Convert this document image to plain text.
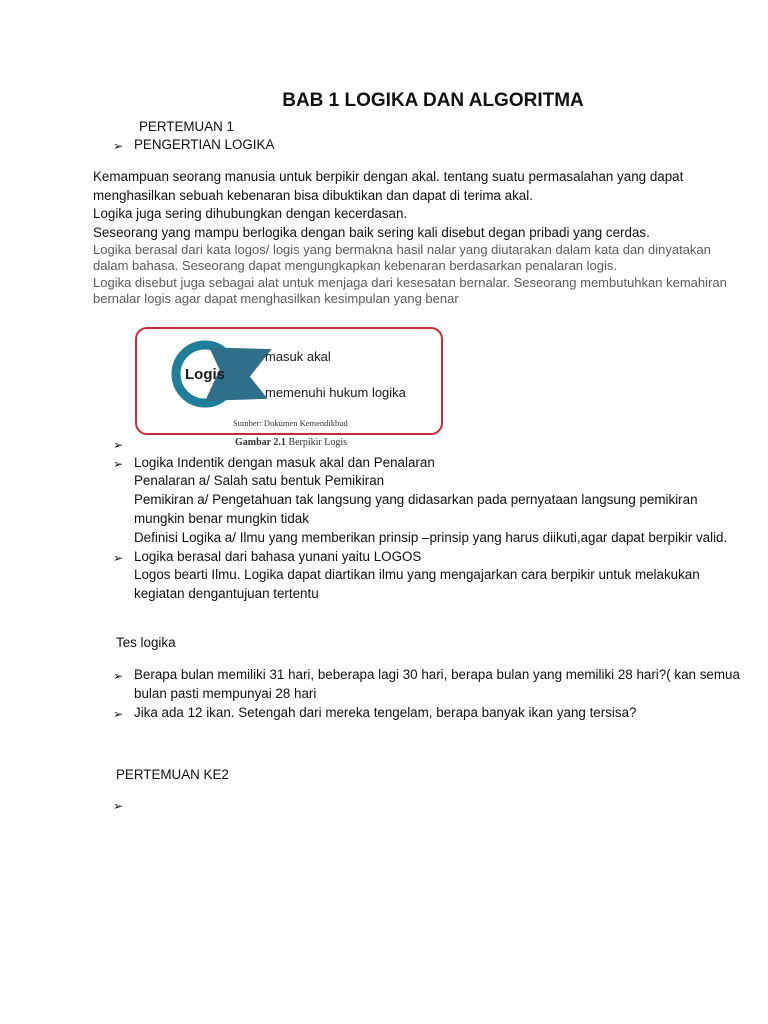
BAB 1 LOGIKA DAN ALGORITMA
PERTEMUAN 1
➢ PENGERTIAN LOGIKA
Kemampuan seorang manusia untuk berpikir dengan akal. tentang suatu permasalahan yang dapat
menghasilkan sebuah kebenaran bisa dibuktikan dan dapat di terima akal.
Logika juga sering dihubungkan dengan kecerdasan.
Seseorang yang mampu berlogika dengan baik sering kali disebut degan pribadi yang cerdas.
Logika berasal dari kata logos/ logis yang bermakna hasil nalar yang diutarakan dalam kata dan dinyatakan
dalam bahasa. Seseorang dapat mengungkapkan kebenaran berdasarkan penalaran logis.
Logika disebut juga sebagai alat untuk menjaga dari kesesatan bernalar. Seseorang membutuhkan kemahiran
bernalar logis agar dapat menghasilkan kesimpulan yang benar
Logis
masuk akal
memenuhi hukum logika
Sumber: Dokumen Kemendikbud
➢	Gambar 2.1 Berpikir Logis
➢ Logika Indentik dengan masuk akal dan Penalaran
Penalaran a/ Salah satu bentuk Pemikiran
Pemikiran a/ Pengetahuan tak langsung yang didasarkan pada pernyataan langsung pemikiran
mungkin benar mungkin tidak
Definisi Logika a/ Ilmu yang memberikan prinsip –prinsip yang harus diikuti,agar dapat berpikir valid.
➢ Logika berasal dari bahasa yunani yaitu LOGOS
Logos bearti Ilmu. Logika dapat diartikan ilmu yang mengajarkan cara berpikir untuk melakukan
kegiatan dengantujuan tertentu
Tes logika
➢ Berapa bulan memiliki 31 hari, beberapa lagi 30 hari, berapa bulan yang memiliki 28 hari?( kan semua
bulan pasti mempunyai 28 hari
➢ Jika ada 12 ikan. Setengah dari mereka tengelam, berapa banyak ikan yang tersisa?
PERTEMUAN KE2
➢
